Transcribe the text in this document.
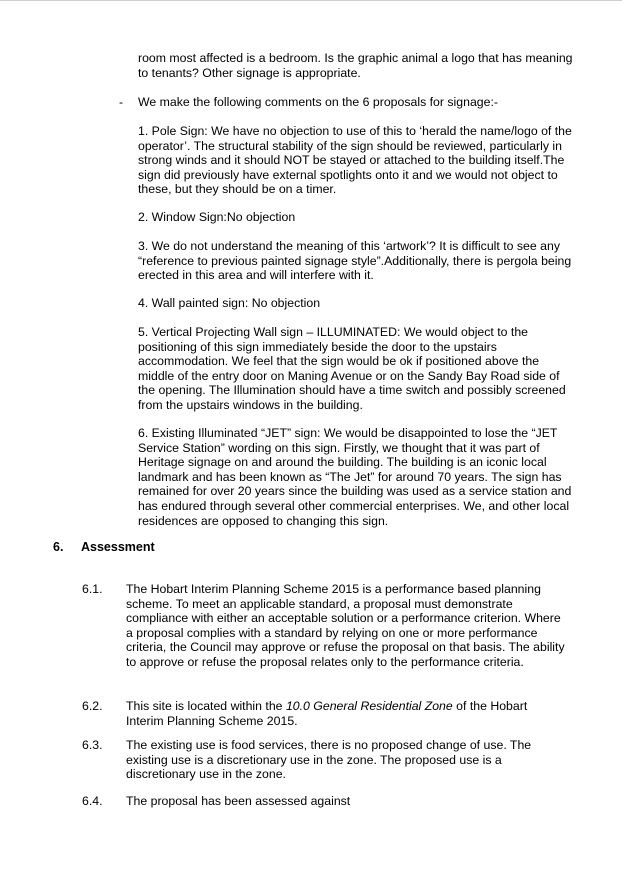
room most affected is a bedroom. Is the graphic animal a logo that has meaning to tenants? Other signage is appropriate.

- We make the following comments on the 6 proposals for signage:-

1. Pole Sign: We have no objection to use of this to ‘herald the name/logo of the operator’. The structural stability of the sign should be reviewed, particularly in strong winds and it should NOT be stayed or attached to the building itself.The sign did previously have external spotlights onto it and we would not object to these, but they should be on a timer.

2. Window Sign:No objection

3. We do not understand the meaning of this ‘artwork’? It is difficult to see any “reference to previous painted signage style”.Additionally, there is pergola being erected in this area and will interfere with it.

4. Wall painted sign: No objection

5. Vertical Projecting Wall sign – ILLUMINATED: We would object to the positioning of this sign immediately beside the door to the upstairs accommodation. We feel that the sign would be ok if positioned above the middle of the entry door on Maning Avenue or on the Sandy Bay Road side of the opening. The Illumination should have a time switch and possibly screened from the upstairs windows in the building.

6. Existing Illuminated “JET” sign: We would be disappointed to lose the “JET Service Station” wording on this sign. Firstly, we thought that it was part of Heritage signage on and around the building. The building is an iconic local landmark and has been known as “The Jet” for around 70 years. The sign has remained for over 20 years since the building was used as a service station and has endured through several other commercial enterprises. We, and other local residences are opposed to changing this sign.

6. Assessment
6.1. The Hobart Interim Planning Scheme 2015 is a performance based planning scheme. To meet an applicable standard, a proposal must demonstrate compliance with either an acceptable solution or a performance criterion. Where a proposal complies with a standard by relying on one or more performance criteria, the Council may approve or refuse the proposal on that basis. The ability to approve or refuse the proposal relates only to the performance criteria.

6.2. This site is located within the 10.0 General Residential Zone of the Hobart Interim Planning Scheme 2015.

6.3. The existing use is food services, there is no proposed change of use. The existing use is a discretionary use in the zone. The proposed use is a discretionary use in the zone.

6.4. The proposal has been assessed against
